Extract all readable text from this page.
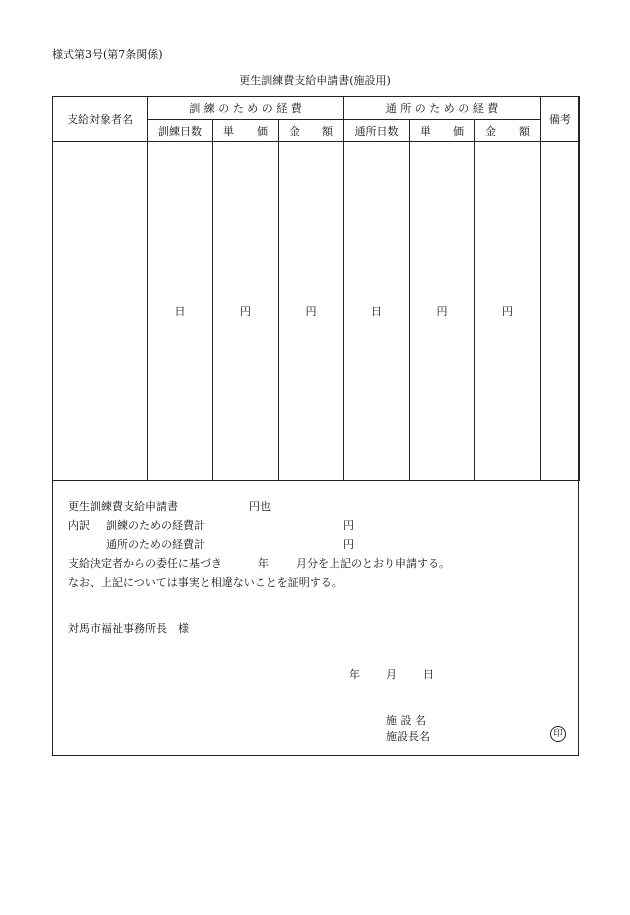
様式第3号(第7条関係)
更生訓練費支給申請書(施設用)
支給対象者名	訓 練 の た め の 経 費			通 所 の た め の 経 費			備考
	訓練日数	単 価	金 額	通所日数	単 価	金 額	

	日	円	円	日	円	円	
更生訓練費支給申請書	円也
内訳 訓練のための経費計	円
通所のための経費計	円
支給決定者からの委任に基づき	年 月分を上記のとおり申請する。
なお、上記については事実と相違ないことを証明する。
対馬市福祉事務所長　様
年 月 日
施 設 名
施設長名	印
